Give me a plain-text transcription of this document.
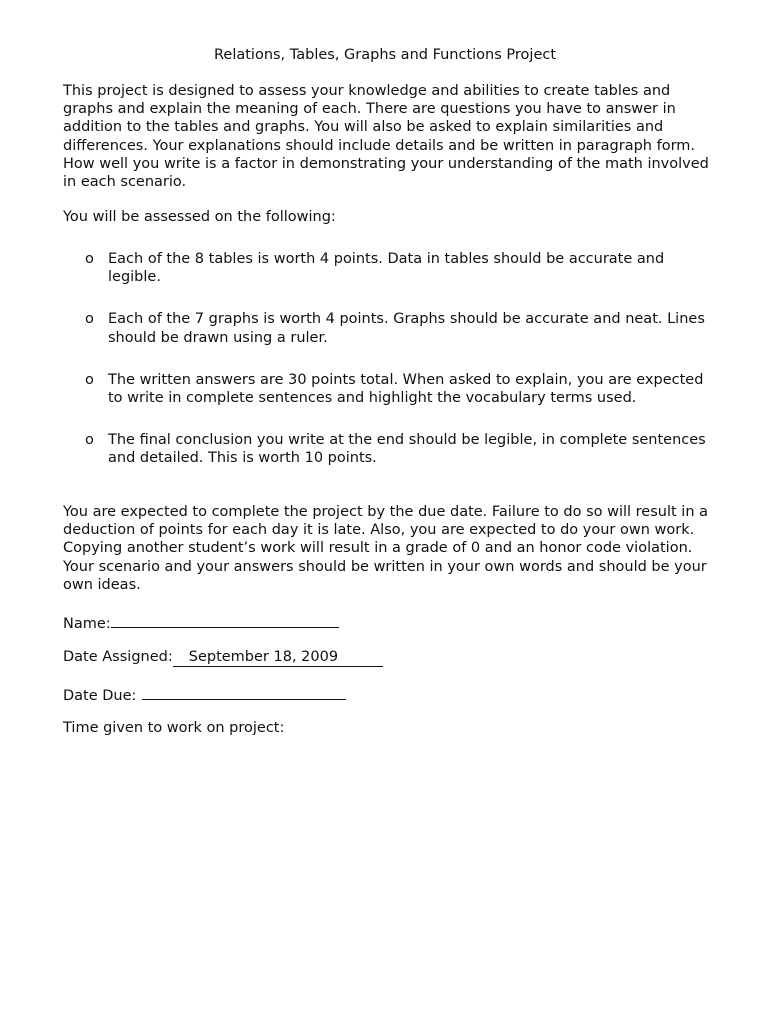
Relations, Tables, Graphs and Functions Project

This project is designed to assess your knowledge and abilities to create tables and graphs and explain the meaning of each. There are questions you have to answer in addition to the tables and graphs. You will also be asked to explain similarities and differences. Your explanations should include details and be written in paragraph form. How well you write is a factor in demonstrating your understanding of the math involved in each scenario.

You will be assessed on the following:

o Each of the 8 tables is worth 4 points. Data in tables should be accurate and legible.
o Each of the 7 graphs is worth 4 points. Graphs should be accurate and neat. Lines should be drawn using a ruler.
o The written answers are 30 points total. When asked to explain, you are expected to write in complete sentences and highlight the vocabulary terms used.
o The final conclusion you write at the end should be legible, in complete sentences and detailed. This is worth 10 points.

You are expected to complete the project by the due date. Failure to do so will result in a deduction of points for each day it is late. Also, you are expected to do your own work. Copying another student’s work will result in a grade of 0 and an honor code violation. Your scenario and your answers should be written in your own words and should be your own ideas.

Name:
Date Assigned: September 18, 2009
Date Due:
Time given to work on project:
